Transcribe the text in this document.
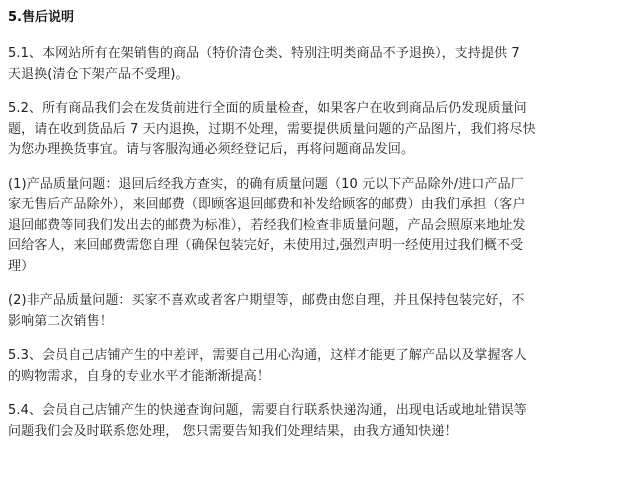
5.售后说明

5.1、本网站所有在架销售的商品（特价清仓类、特别注明类商品不予退换），支持提供 7
天退换(清仓下架产品不受理)。

5.2、所有商品我们会在发货前进行全面的质量检查，如果客户在收到商品后仍发现质量问
题，请在收到货品后 7 天内退换，过期不处理，需要提供质量问题的产品图片，我们将尽快
为您办理换货事宜。请与客服沟通必须经登记后，再将问题商品发回。

(1)产品质量问题：退回后经我方查实，的确有质量问题（10 元以下产品除外/进口产品厂
家无售后产品除外），来回邮费（即顾客退回邮费和补发给顾客的邮费）由我们承担（客户
退回邮费等同我们发出去的邮费为标准），若经我们检查非质量问题，产品会照原来地址发
回给客人，来回邮费需您自理（确保包装完好，未使用过,强烈声明一经使用过我们概不受
理）

(2)非产品质量问题：买家不喜欢或者客户期望等，邮费由您自理，并且保持包装完好，不
影响第二次销售！

5.3、会员自己店铺产生的中差评，需要自己用心沟通，这样才能更了解产品以及掌握客人
的购物需求，自身的专业水平才能渐渐提高！

5.4、会员自己店铺产生的快递查询问题，需要自行联系快递沟通，出现电话或地址错误等
问题我们会及时联系您处理， 您只需要告知我们处理结果，由我方通知快递！
